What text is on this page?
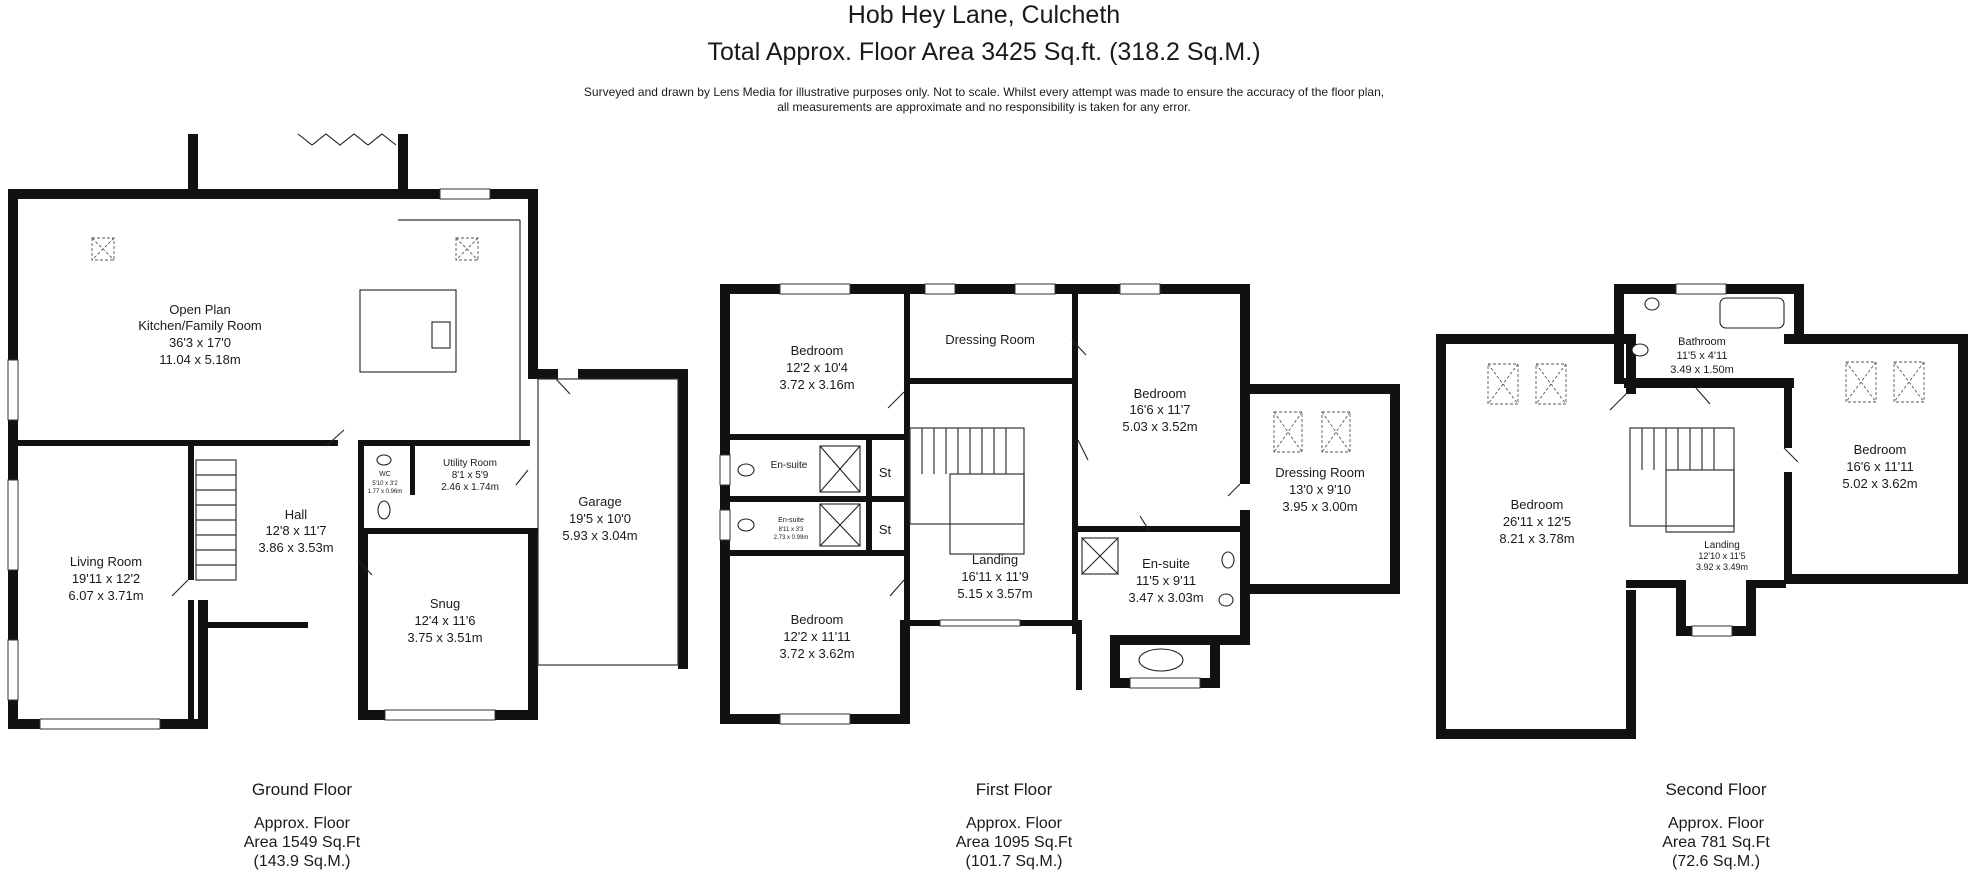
Hob Hey Lane, Culcheth
Total Approx. Floor Area 3425 Sq.ft. (318.2 Sq.M.)
Surveyed and drawn by Lens Media for illustrative purposes only. Not to scale. Whilst every attempt was made to ensure the accuracy of the floor plan,
all measurements are approximate and no responsibility is taken for any error.
Open Plan
Kitchen/Family Room
36'3 x 17'0
11.04 x 5.18m
Living Room
19'11 x 12'2
6.07 x 3.71m
Hall
12'8 x 11'7
3.86 x 3.53m
WC
5'10 x 3'2
1.77 x 0.96m
Utility Room
8'1 x 5'9
2.46 x 1.74m
Garage
19'5 x 10'0
5.93 x 3.04m
Snug
12'4 x 11'6
3.75 x 3.51m
Bedroom
12'2 x 10'4
3.72 x 3.16m
Dressing Room
Bedroom
16'6 x 11'7
5.03 x 3.52m
Dressing Room
13'0 x 9'10
3.95 x 3.00m
En-suite
En-suite
8'11 x 3'3
2.73 x 0.99m
St
St
Landing
16'11 x 11'9
5.15 x 3.57m
En-suite
11'5 x 9'11
3.47 x 3.03m
Bedroom
12'2 x 11'11
3.72 x 3.62m
Bathroom
11'5 x 4'11
3.49 x 1.50m
Bedroom
26'11 x 12'5
8.21 x 3.78m	Landing
12'10 x 11'5
3.92 x 3.49m
Bedroom
16'6 x 11'11
5.02 x 3.62m
Ground Floor
Approx. Floor
Area 1549 Sq.Ft
(143.9 Sq.M.)
First Floor
Approx. Floor
Area 1095 Sq.Ft
(101.7 Sq.M.)
Second Floor
Approx. Floor
Area 781 Sq.Ft
(72.6 Sq.M.)
